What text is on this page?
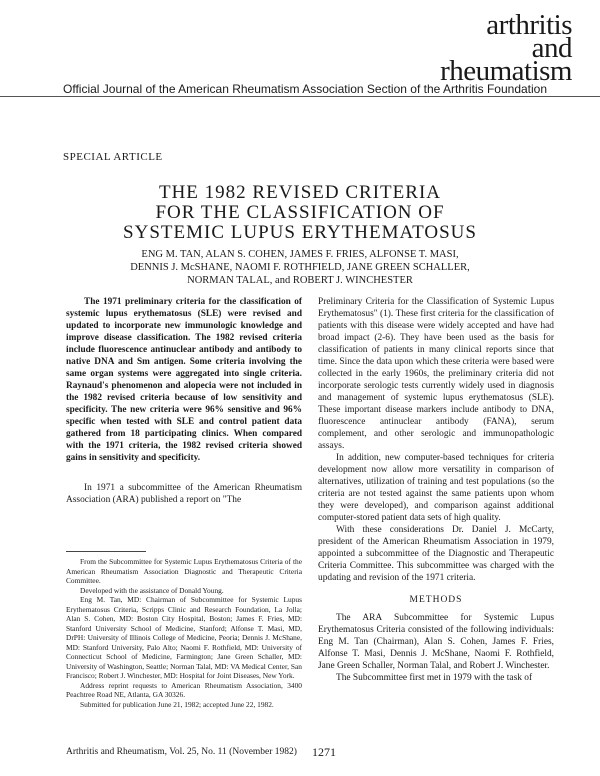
arthritis
and
rheumatism
Official Journal of the American Rheumatism Association Section of the Arthritis Foundation
SPECIAL ARTICLE
THE 1982 REVISED CRITERIA
FOR THE CLASSIFICATION OF
SYSTEMIC LUPUS ERYTHEMATOSUS
ENG M. TAN, ALAN S. COHEN, JAMES F. FRIES, ALFONSE T. MASI,
DENNIS J. McSHANE, NAOMI F. ROTHFIELD, JANE GREEN SCHALLER,
NORMAN TALAL, and ROBERT J. WINCHESTER

The 1971 preliminary criteria for the classification of systemic lupus erythematosus (SLE) were revised and updated to incorporate new immunologic knowledge and improve disease classification. The 1982 revised criteria include fluorescence antinuclear antibody and antibody to native DNA and Sm antigen. Some criteria involving the same organ systems were aggregated into single criteria. Raynaud's phenomenon and alopecia were not included in the 1982 revised criteria because of low sensitivity and specificity. The new criteria were 96% sensitive and 96% specific when tested with SLE and control patient data gathered from 18 participating clinics. When compared with the 1971 criteria, the 1982 revised criteria showed gains in sensitivity and specificity.

In 1971 a subcommittee of the American Rheumatism Association (ARA) published a report on "The

From the Subcommittee for Systemic Lupus Erythematosus Criteria of the American Rheumatism Association Diagnostic and Therapeutic Criteria Committee.

Developed with the assistance of Donald Young.

Eng M. Tan, MD: Chairman of Subcommittee for Systemic Lupus Erythematosus Criteria, Scripps Clinic and Research Foundation, La Jolla; Alan S. Cohen, MD: Boston City Hospital, Boston; James F. Fries, MD: Stanford University School of Medicine, Stanford; Alfonse T. Masi, MD, DrPH: University of Illinois College of Medicine, Peoria; Dennis J. McShane, MD: Stanford University, Palo Alto; Naomi F. Rothfield, MD: University of Connecticut School of Medicine, Farmington; Jane Green Schaller, MD: University of Washington, Seattle; Norman Talal, MD: VA Medical Center, San Francisco; Robert J. Winchester, MD: Hospital for Joint Diseases, New York.

Address reprint requests to American Rheumatism Association, 3400 Peachtree Road NE, Atlanta, GA 30326.

Submitted for publication June 21, 1982; accepted June 22, 1982.

Preliminary Criteria for the Classification of Systemic Lupus Erythematosus" (1). These first criteria for the classification of patients with this disease were widely accepted and have had broad impact (2-6). They have been used as the basis for classification of patients in many clinical reports since that time. Since the data upon which these criteria were based were collected in the early 1960s, the preliminary criteria did not incorporate serologic tests currently widely used in diagnosis and management of systemic lupus erythematosus (SLE). These important disease markers include antibody to DNA, fluorescence antinuclear antibody (FANA), serum complement, and other serologic and immunopathologic assays.

In addition, new computer-based techniques for criteria development now allow more versatility in comparison of alternatives, utilization of training and test populations (so the criteria are not tested against the same patients upon whom they were developed), and comparison against additional computer-stored patient data sets of high quality.

With these considerations Dr. Daniel J. McCarty, president of the American Rheumatism Association in 1979, appointed a subcommittee of the Diagnostic and Therapeutic Criteria Committee. This subcommittee was charged with the updating and revision of the 1971 criteria.

METHODS

The ARA Subcommittee for Systemic Lupus Erythematosus Criteria consisted of the following individuals: Eng M. Tan (Chairman), Alan S. Cohen, James F. Fries, Alfonse T. Masi, Dennis J. McShane, Naomi F. Rothfield, Jane Green Schaller, Norman Talal, and Robert J. Winchester.

The Subcommittee first met in 1979 with the task of

Arthritis and Rheumatism, Vol. 25, No. 11 (November 1982) 1271
